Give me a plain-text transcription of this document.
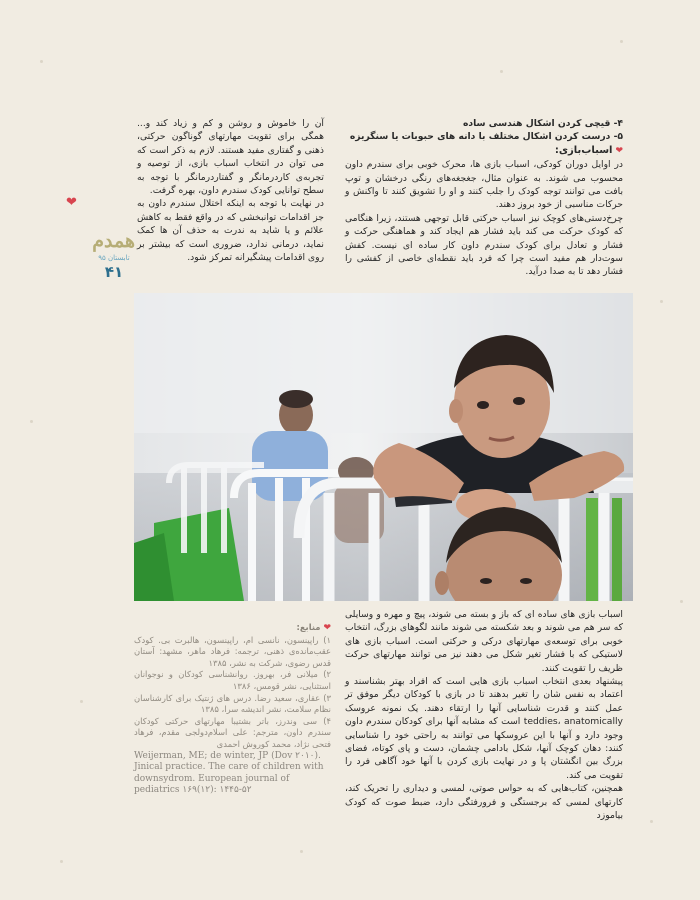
۴- قیچی کردن اشکال هندسی ساده

۵- درست کردن اشکال مختلف با دانه های حبوبات یا سنگریزه

❤اسباب‌بازی:

در اوایل دوران کودکی، اسباب بازی ها، محرک خوبی برای سندرم داون محسوب می شوند. به عنوان مثال، جغجغه‌های رنگی درخشان و توپ بافت می توانند توجه کودک را جلب کنند و او را تشویق کنند تا واکنش و حرکات مناسبی از خود بروز دهند.

چرخ‌دستی‌های کوچک نیز اسباب حرکتی قابل توجهی هستند، زیرا هنگامی که کودک حرکت می کند باید فشار هم ایجاد کند و هماهنگی حرکت و فشار و تعادل برای کودک سندرم داون کار ساده ای نیست. کفش سوت‌دار هم مفید است چرا که فرد باید نقطه‌ای خاصی از کفشی را فشار دهد تا به صدا درآید.

آن را خاموش و روشن و کم و زیاد کند و... همگی برای تقویت مهارتهای گوناگون حرکتی، ذهنی و گفتاری مفید هستند. لازم به ذکر است که می توان در انتخاب اسباب بازی، از توصیه و تجربه‌ی کاردرمانگر و گفتاردرمانگر با توجه به سطح توانایی کودک سندرم داون، بهره گرفت.

در نهایت با توجه به اینکه اختلال سندرم داون به جز اقدامات توانبخشی که در واقع فقط به کاهش علائم و یا شاید به ندرت به حذف آن ها کمک نماید، درمانی ندارد، ضروری است که بیشتر بر روی اقدامات پیشگیرانه تمرکز شود.

❤
همدم
تابستان ۹۵
۴۱

❤منابع:

۱) راپینسون، نانسی ام، راپینسون، هالبرت بی. کودک عقب‌مانده‌ی ذهنی، ترجمه: فرهاد ماهر، مشهد: آستان قدس رضوی، شرکت به نشر، ۱۳۸۵

۲) میلانی فر، بهروز. روانشناسی کودکان و نوجوانان استثنایی، نشر قومس، ۱۳۸۶

۳) عقاری، سعید رضا. درس های ژنتیک برای کارشناسان نظام سلامت، نشر اندیشه سرا، ۱۳۸۵

۴) سی وندرز، باتر بشتیبا مهارتهای حرکتی کودکان سندرم داون، مترجم: علی اسلام‌دولجی مقدم، فرهاد فتحی نژاد، محمد کوروش احمدی

Weijerman, ME; de winter, JP (Dov ۲۰۱۰). Jinical practice. The care of children with downsydrom. European journal of pediatrics ۱۶۹(۱۲): ۱۴۴۵-۵۲

اسباب بازی های ساده ای که باز و بسته می شوند، پیچ و مهره و وسایلی که سر هم می شوند و بعد شکسته می شوند مانند لگوهای بزرگ، انتخاب خوبی برای توسعه‌ی مهارتهای درکی و حرکتی است. اسباب بازی های لاستیکی که با فشار تغیر شکل می دهند نیز می توانند مهارتهای حرکت ظریف را تقویت کنند.

پیشنهاد بعدی انتخاب اسباب بازی هایی است که افراد بهتر بشناسند و اعتماد به نفس شان را تغیر بدهند تا در بازی با کودکان دیگر موفق تر عمل کنند و قدرت شناسایی آنها را ارتقاء دهند. یک نمونه عروسک teddies، anatomically است که مشابه آنها برای کودکان سندرم داون وجود دارد و آنها با این عروسکها می توانند به راحتی خود را شناسایی کنند: دهان کوچک آنها، شکل بادامی چشمان، دست و پای کوتاه، فضای بزرگ بین انگشتان پا و در نهایت بازی کردن با آنها خود آگاهی فرد را تقویت می کند.

همچنین، کتاب‌هایی که به حواس صوتی، لمسی و دیداری را تحریک کند، کارتهای لمسی که برجستگی و فرورفتگی دارد، ضبط صوت که کودک بیاموزد
